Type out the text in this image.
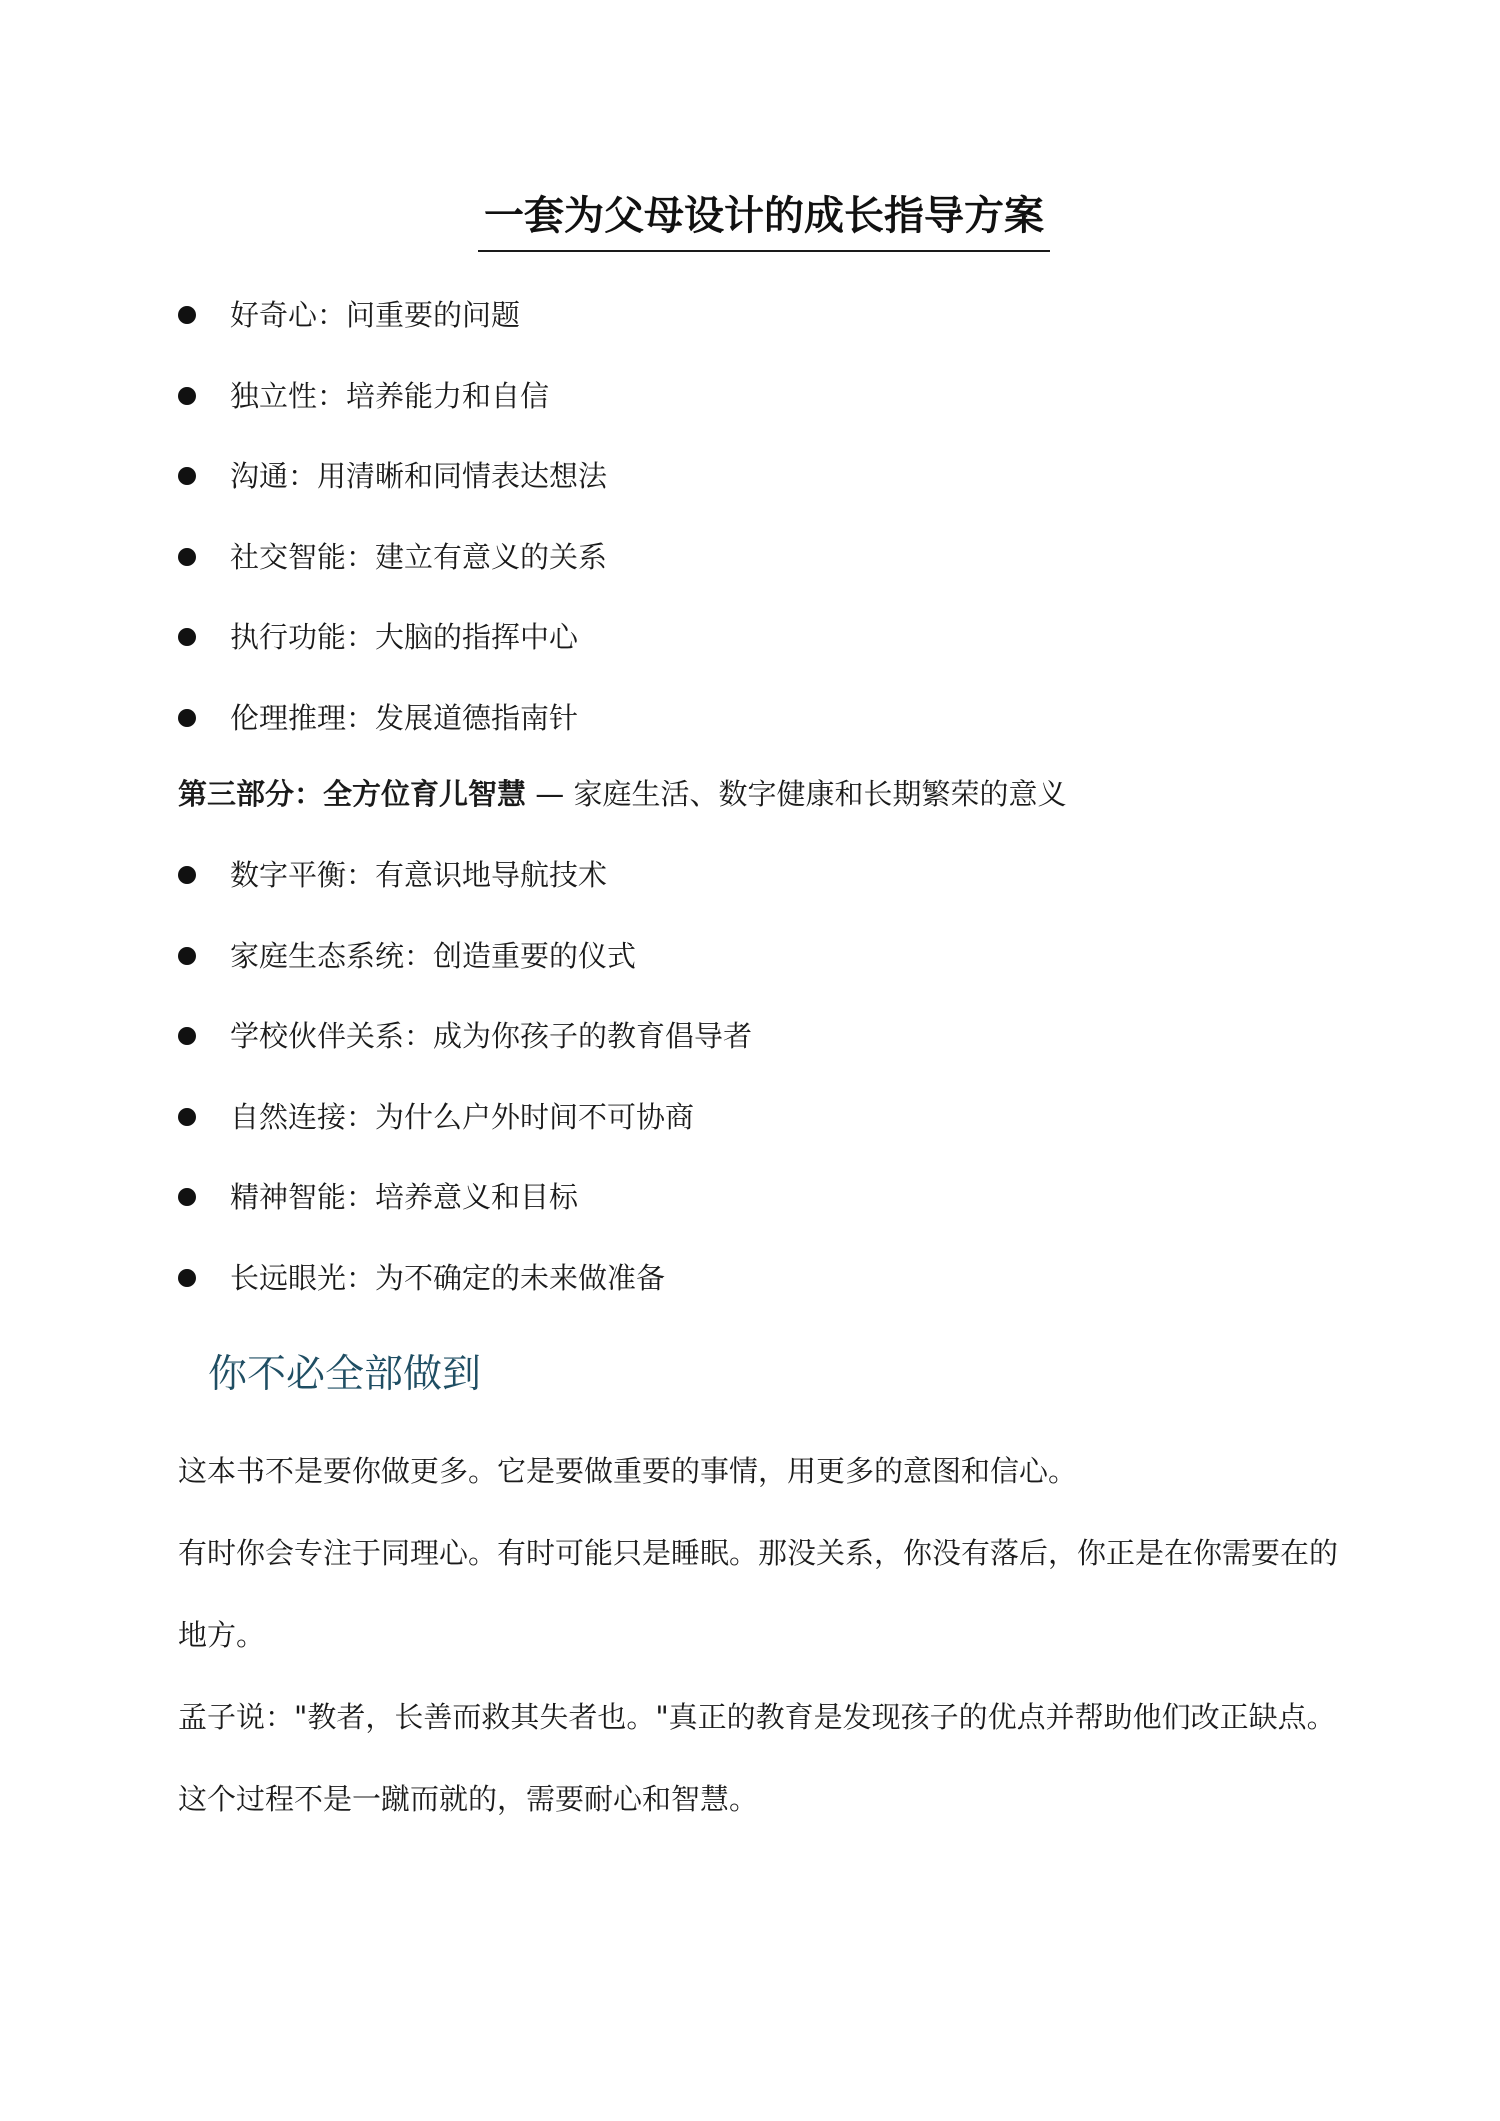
一套为父母设计的成长指导方案
好奇心：问重要的问题
独立性：培养能力和自信
沟通：用清晰和同情表达想法
社交智能：建立有意义的关系
执行功能：大脑的指挥中心
伦理推理：发展道德指南针

第三部分：全方位育儿智慧 — 家庭生活、数字健康和长期繁荣的意义

数字平衡：有意识地导航技术
家庭生态系统：创造重要的仪式
学校伙伴关系：成为你孩子的教育倡导者
自然连接：为什么户外时间不可协商
精神智能：培养意义和目标
长远眼光：为不确定的未来做准备
你不必全部做到

这本书不是要你做更多。它是要做重要的事情，用更多的意图和信心。

有时你会专注于同理心。有时可能只是睡眠。那没关系，你没有落后，你正是在你需要在的地方。

孟子说："教者，长善而救其失者也。"真正的教育是发现孩子的优点并帮助他们改正缺点。这个过程不是一蹴而就的，需要耐心和智慧。
